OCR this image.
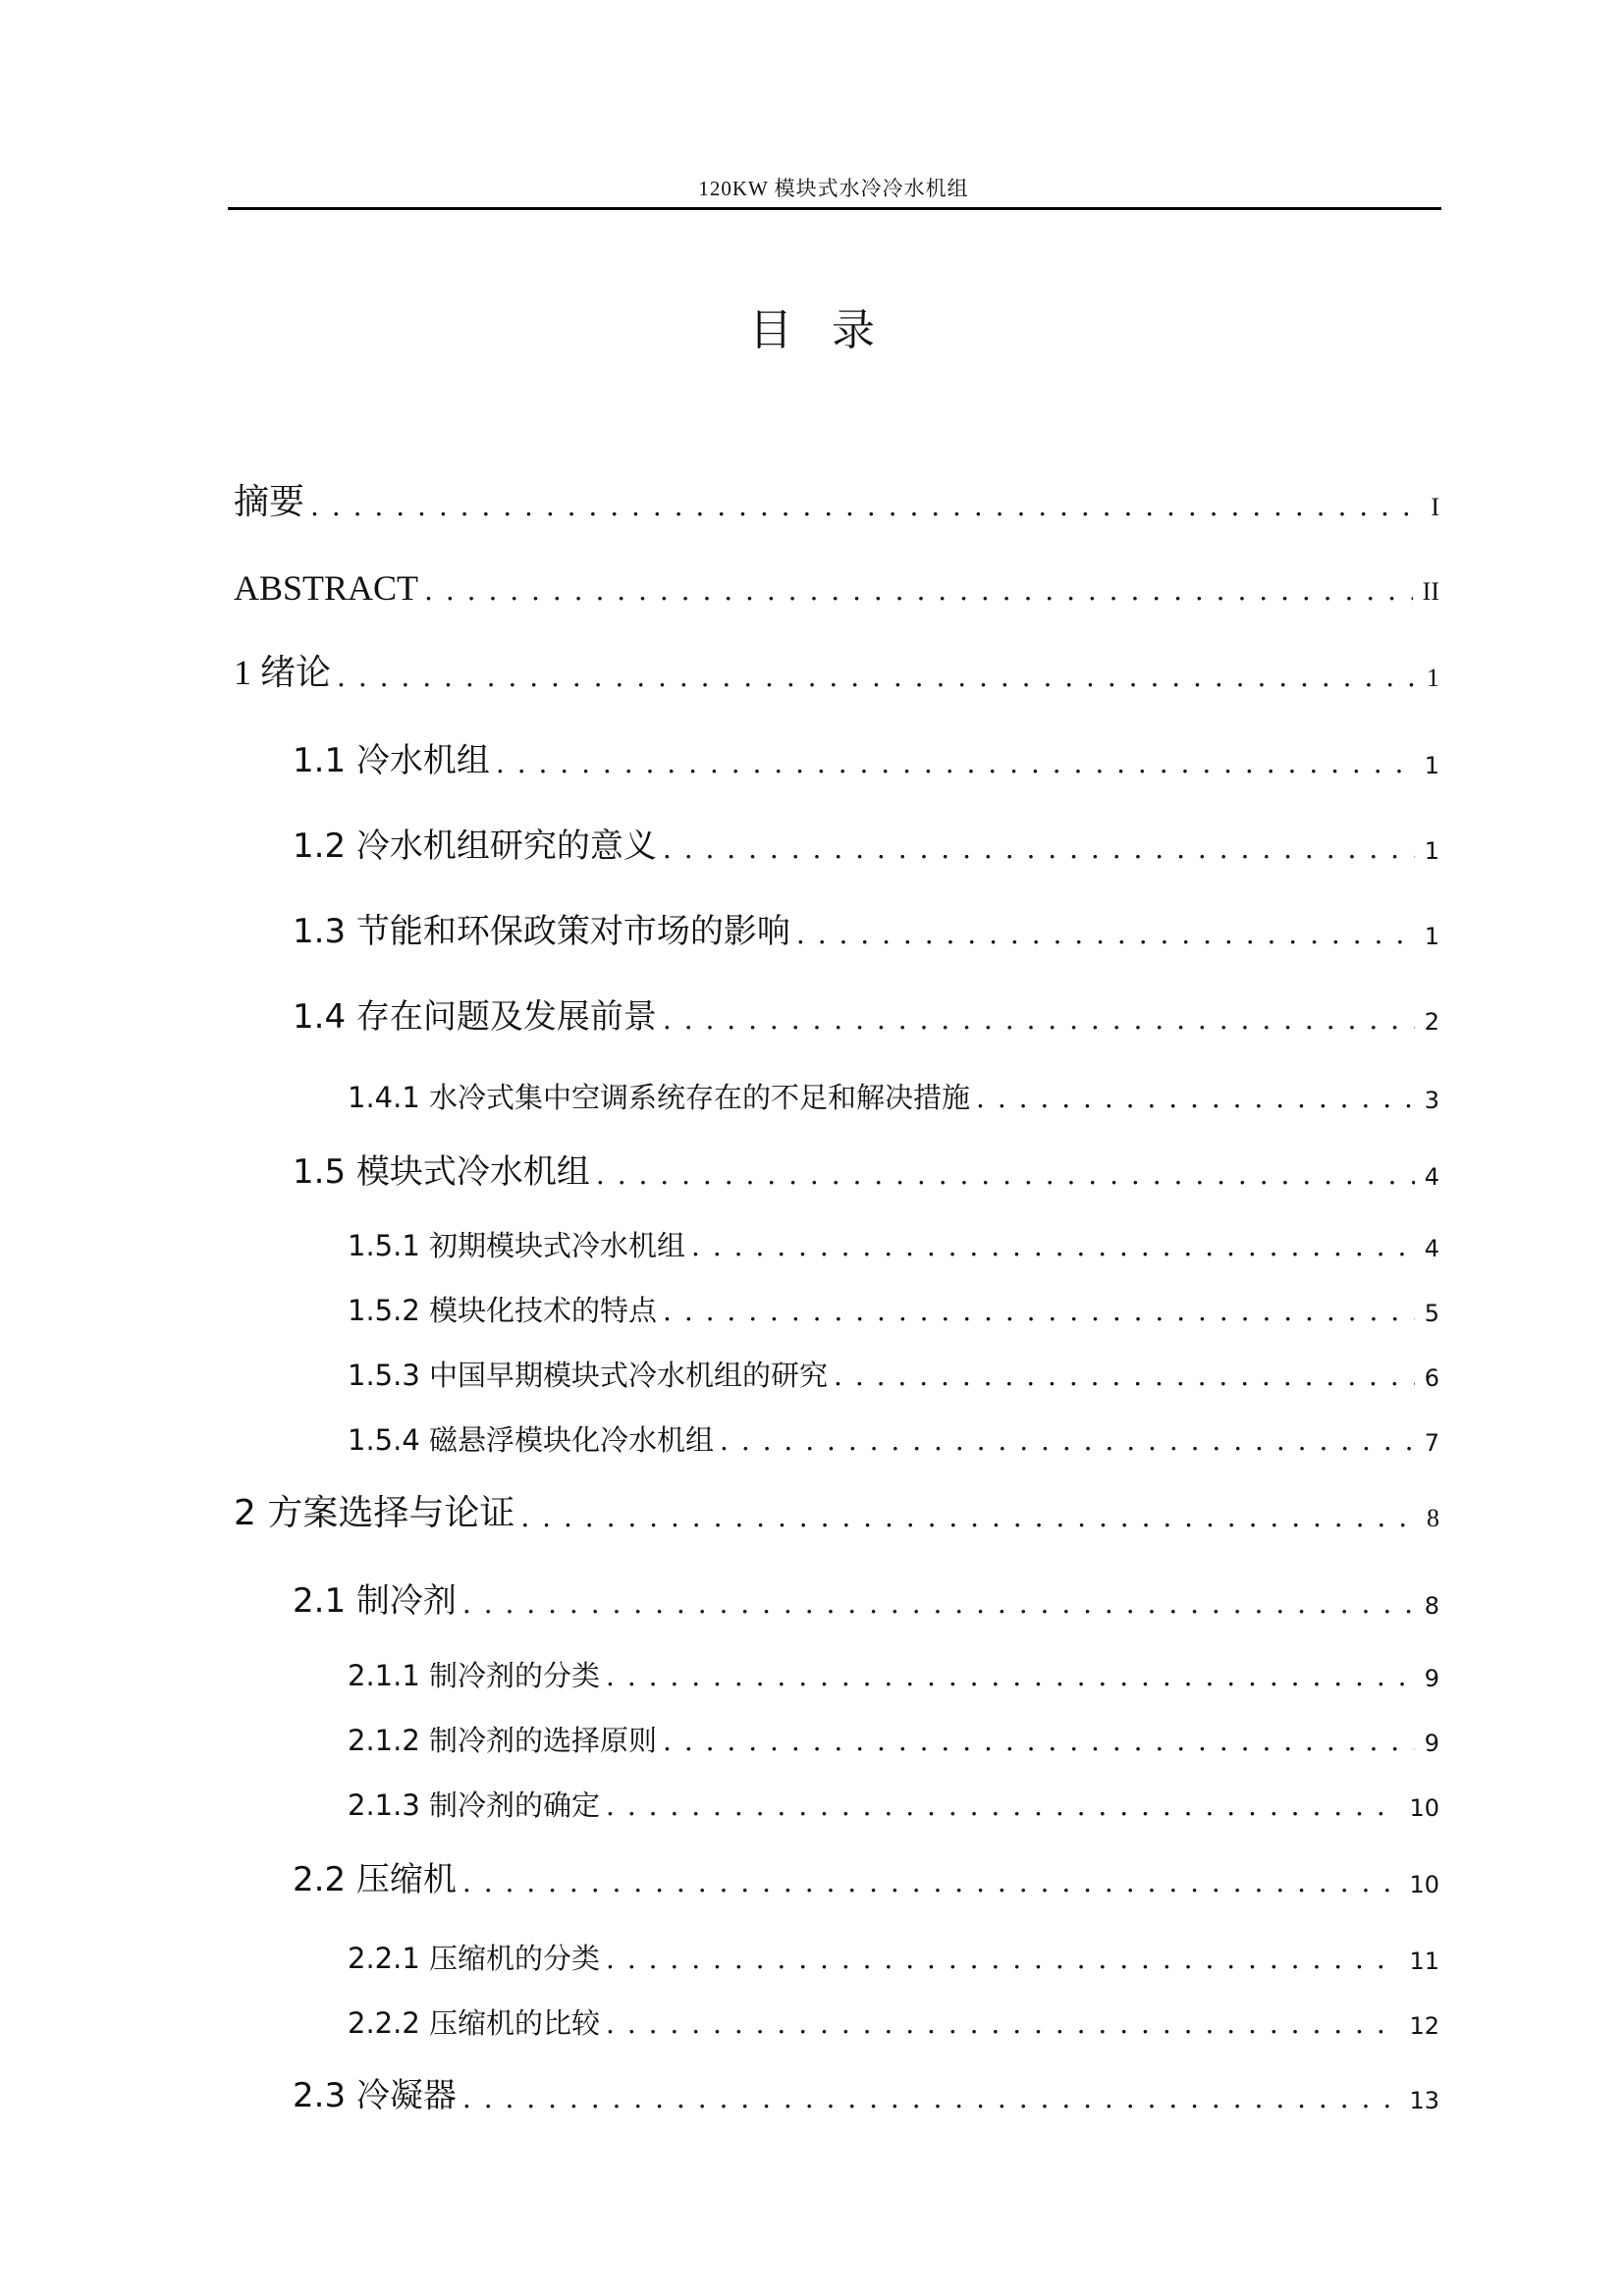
120KW 模块式水冷冷水机组
目录
摘要 . . .	I
ABSTRACT . . .	II
1 绪论 . . .	1
1.1 冷水机组 . . .	1
1.2 冷水机组研究的意义 . . .	1
1.3 节能和环保政策对市场的影响 . . .	1
1.4 存在问题及发展前景 . . .	2
1.4.1 水冷式集中空调系统存在的不足和解决措施 . . .	3
1.5 模块式冷水机组 . . .	4
1.5.1 初期模块式冷水机组 . . .	4
1.5.2 模块化技术的特点 . . .	5
1.5.3 中国早期模块式冷水机组的研究 . . .	6
1.5.4 磁悬浮模块化冷水机组 . . .	7
2 方案选择与论证 . . .	8
2.1 制冷剂 . . .	8
2.1.1 制冷剂的分类 . . .	9
2.1.2 制冷剂的选择原则 . . .	9
2.1.3 制冷剂的确定 . . .	10
2.2 压缩机 . . .	10
2.2.1 压缩机的分类 . . .	11
2.2.2 压缩机的比较 . . .	12
2.3 冷凝器 . . .	13
